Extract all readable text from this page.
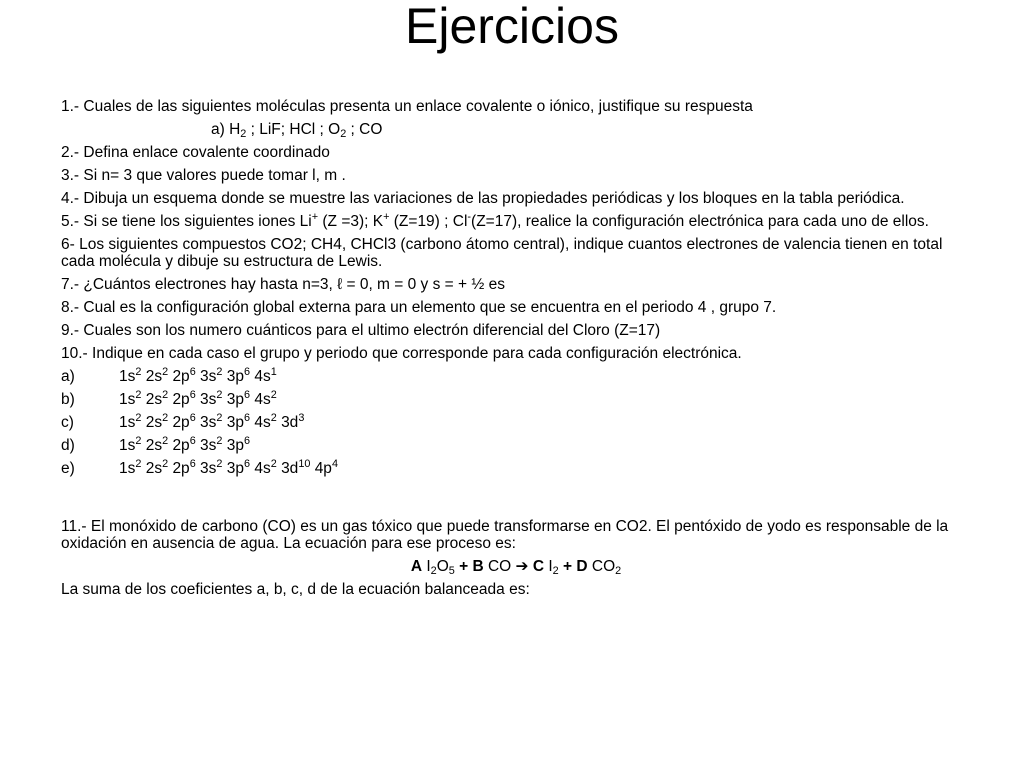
Ejercicios

1.- Cuales de las siguientes moléculas presenta un enlace covalente o iónico, justifique su respuesta

a) $H_2$ ; LiF; HCl ; $O_2$ ; CO

2.- Defina enlace covalente coordinado

3.- Si n= 3 que valores puede tomar l, m .

4.- Dibuja un esquema donde se muestre las variaciones de las propiedades periódicas y los bloques en la tabla periódica.

5.- Si se tiene los siguientes iones Li+ (Z =3); K+ (Z=19) ; Cl-(Z=17), realice la configuración electrónica para cada uno de ellos.

6- Los siguientes compuestos CO2; CH4, CHCl3 (carbono átomo central), indique cuantos electrones de valencia tienen en total cada molécula y dibuje su estructura de Lewis.

7.- ¿Cuántos electrones hay hasta n=3, ℓ = 0, m = 0 y s = + ½ es

8.- Cual es la configuración global externa para un elemento que se encuentra en el periodo 4 , grupo 7.

9.- Cuales son los numero cuánticos para el ultimo electrón diferencial del Cloro (Z=17)

10.- Indique en cada caso el grupo y periodo que corresponde para cada configuración electrónica.

a)	$1s^2$ $2s^2$ $2p^6$ $3s^2$ $3p^6$ $4s^1$
b)	$1s^2$ $2s^2$ $2p^6$ $3s^2$ $3p^6$ $4s^2$
c)	$1s^2$ $2s^2$ $2p^6$ $3s^2$ $3p^6$ $4s^2$ $3d^3$
d)	$1s^2$ $2s^2$ $2p^6$ $3s^2$ $3p^6$
e)	$1s^2$ $2s^2$ $2p^6$ $3s^2$ $3p^6$ $4s^2$ $3d^{10}$ $4p^4$

11.- El monóxido de carbono (CO) es un gas tóxico que puede transformarse en CO2. El pentóxido de yodo es responsable de la oxidación en ausencia de agua. La ecuación para ese proceso es:

A $I_2O_5 + B$ CO ➔ C $I_2 + D$ $CO_2$

La suma de los coeficientes a, b, c, d de la ecuación balanceada es:
